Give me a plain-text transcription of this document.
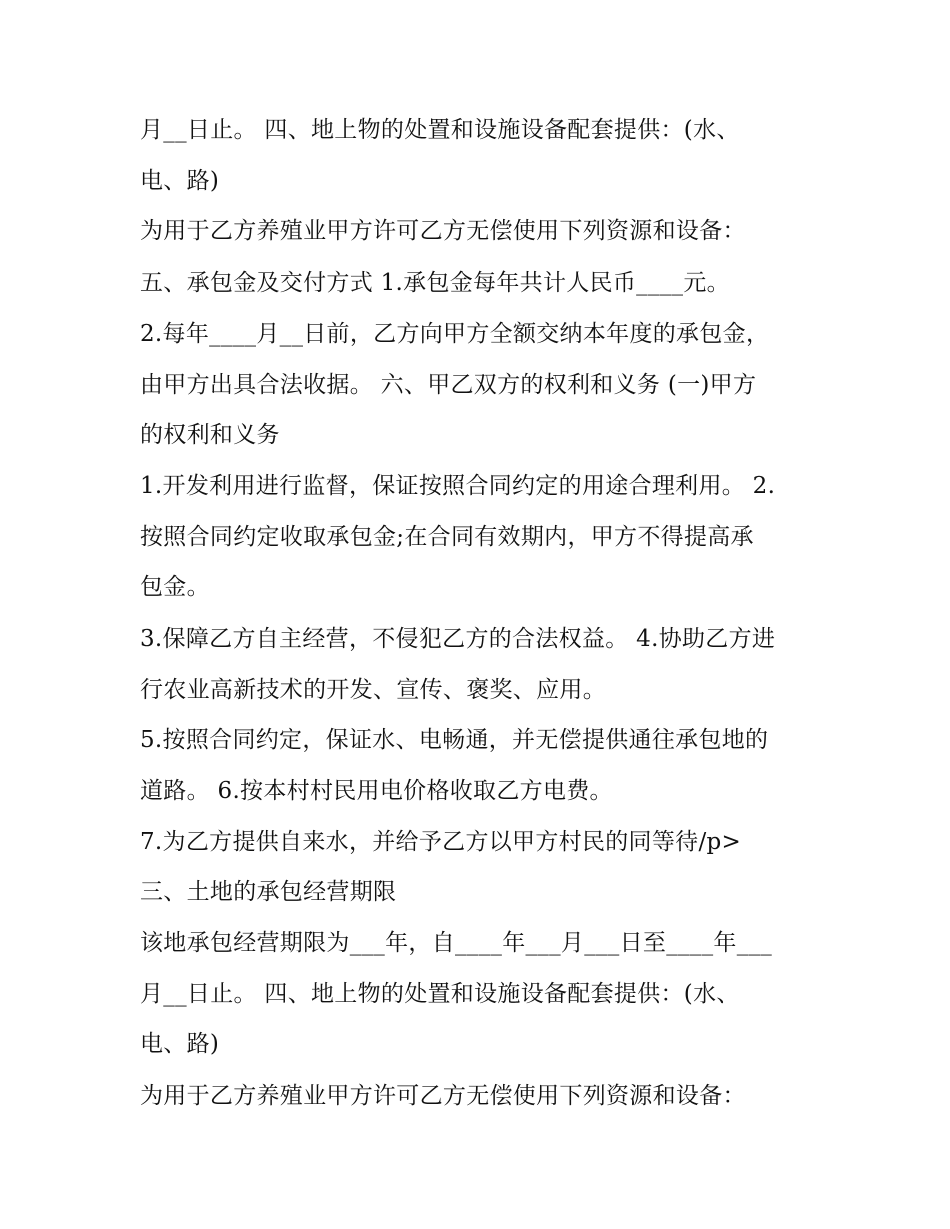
月__日止。 四、地上物的处置和设施设备配套提供：(水、
电、路)
为用于乙方养殖业甲方许可乙方无偿使用下列资源和设备：
五、承包金及交付方式 1.承包金每年共计人民币____元。
2.每年____月__日前，乙方向甲方全额交纳本年度的承包金，
由甲方出具合法收据。 六、甲乙双方的权利和义务 (一)甲方
的权利和义务
1.开发利用进行监督，保证按照合同约定的用途合理利用。 2.
按照合同约定收取承包金;在合同有效期内，甲方不得提高承
包金。
3.保障乙方自主经营，不侵犯乙方的合法权益。 4.协助乙方进
行农业高新技术的开发、宣传、褒奖、应用。
5.按照合同约定，保证水、电畅通，并无偿提供通往承包地的
道路。 6.按本村村民用电价格收取乙方电费。
7.为乙方提供自来水，并给予乙方以甲方村民的同等待/p>
三、土地的承包经营期限
该地承包经营期限为___年，自____年___月___日至____年___
月__日止。 四、地上物的处置和设施设备配套提供：(水、
电、路)
为用于乙方养殖业甲方许可乙方无偿使用下列资源和设备：
